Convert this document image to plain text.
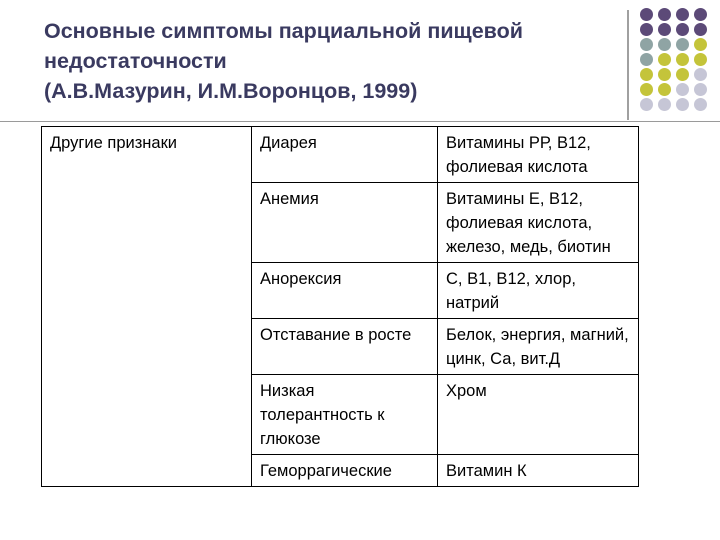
Основные симптомы парциальной пищевой
недостаточности
(А.В.Мазурин, И.М.Воронцов, 1999)
Другие признаки	Диарея	Витамины РР, В12, фолиевая кислота
	Анемия	Витамины Е, В12, фолиевая кислота, железо, медь, биотин
	Анорексия	С, В1, В12, хлор, натрий
	Отставание в росте	Белок, энергия, магний, цинк, Са, вит.Д
	Низкая толерантность к глюкозе	Хром
	Геморрагические	Витамин К
